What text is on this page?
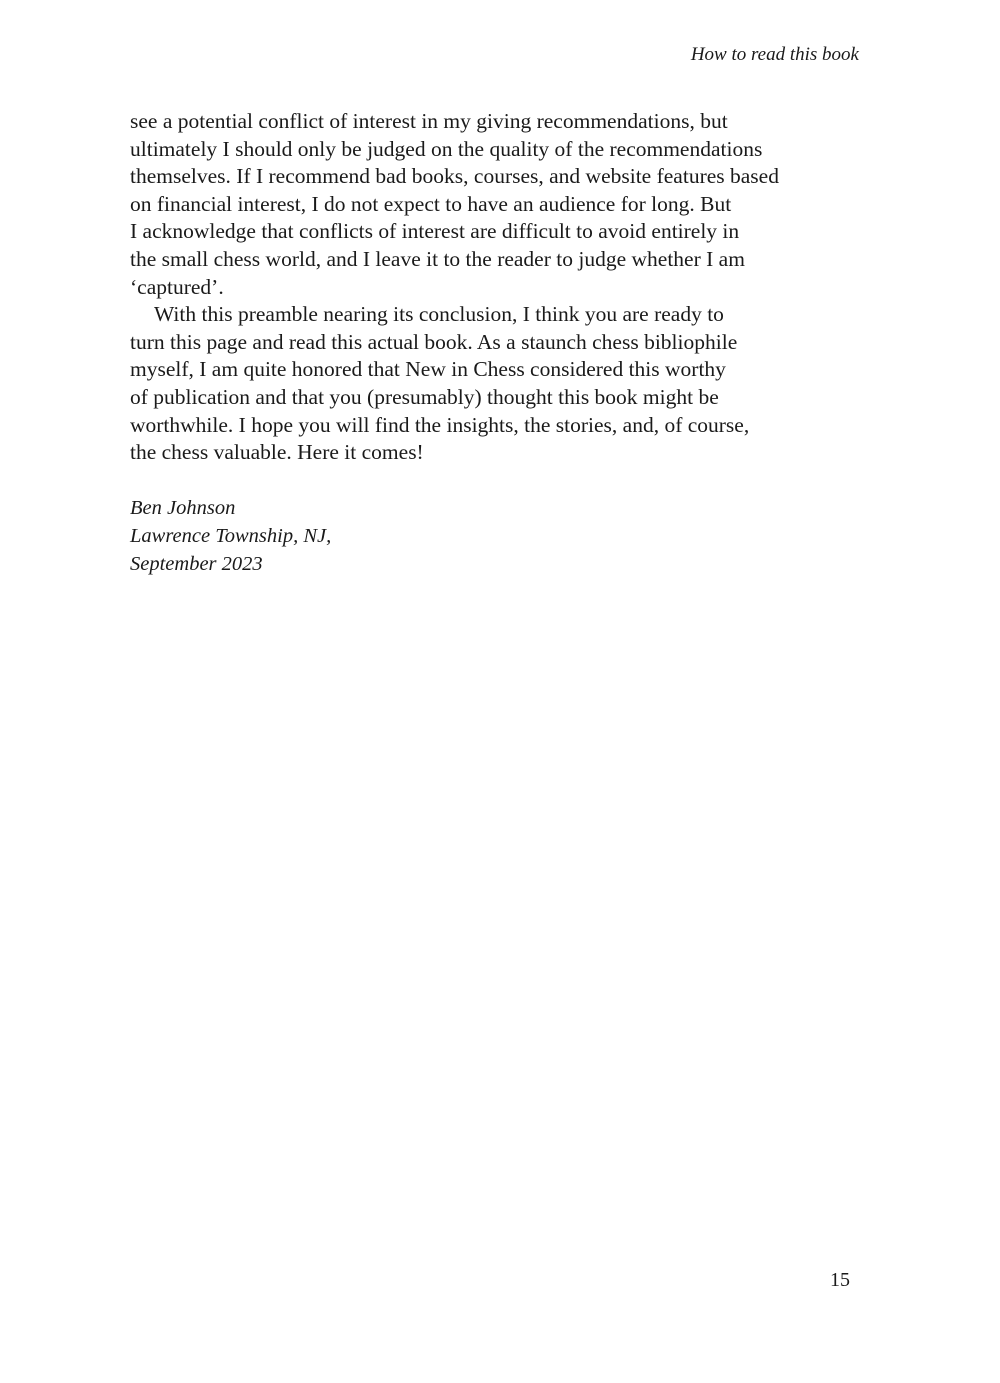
How to read this book
see a potential conflict of interest in my giving recommendations, but
ultimately I should only be judged on the quality of the recommendations
themselves. If I recommend bad books, courses, and website features based
on financial interest, I do not expect to have an audience for long. But
I acknowledge that conflicts of interest are difficult to avoid entirely in
the small chess world, and I leave it to the reader to judge whether I am
‘captured’.
With this preamble nearing its conclusion, I think you are ready to
turn this page and read this actual book. As a staunch chess bibliophile
myself, I am quite honored that New in Chess considered this worthy
of publication and that you (presumably) thought this book might be
worthwhile. I hope you will find the insights, the stories, and, of course,
the chess valuable. Here it comes!
Ben Johnson
Lawrence Township, NJ,
September 2023
15
